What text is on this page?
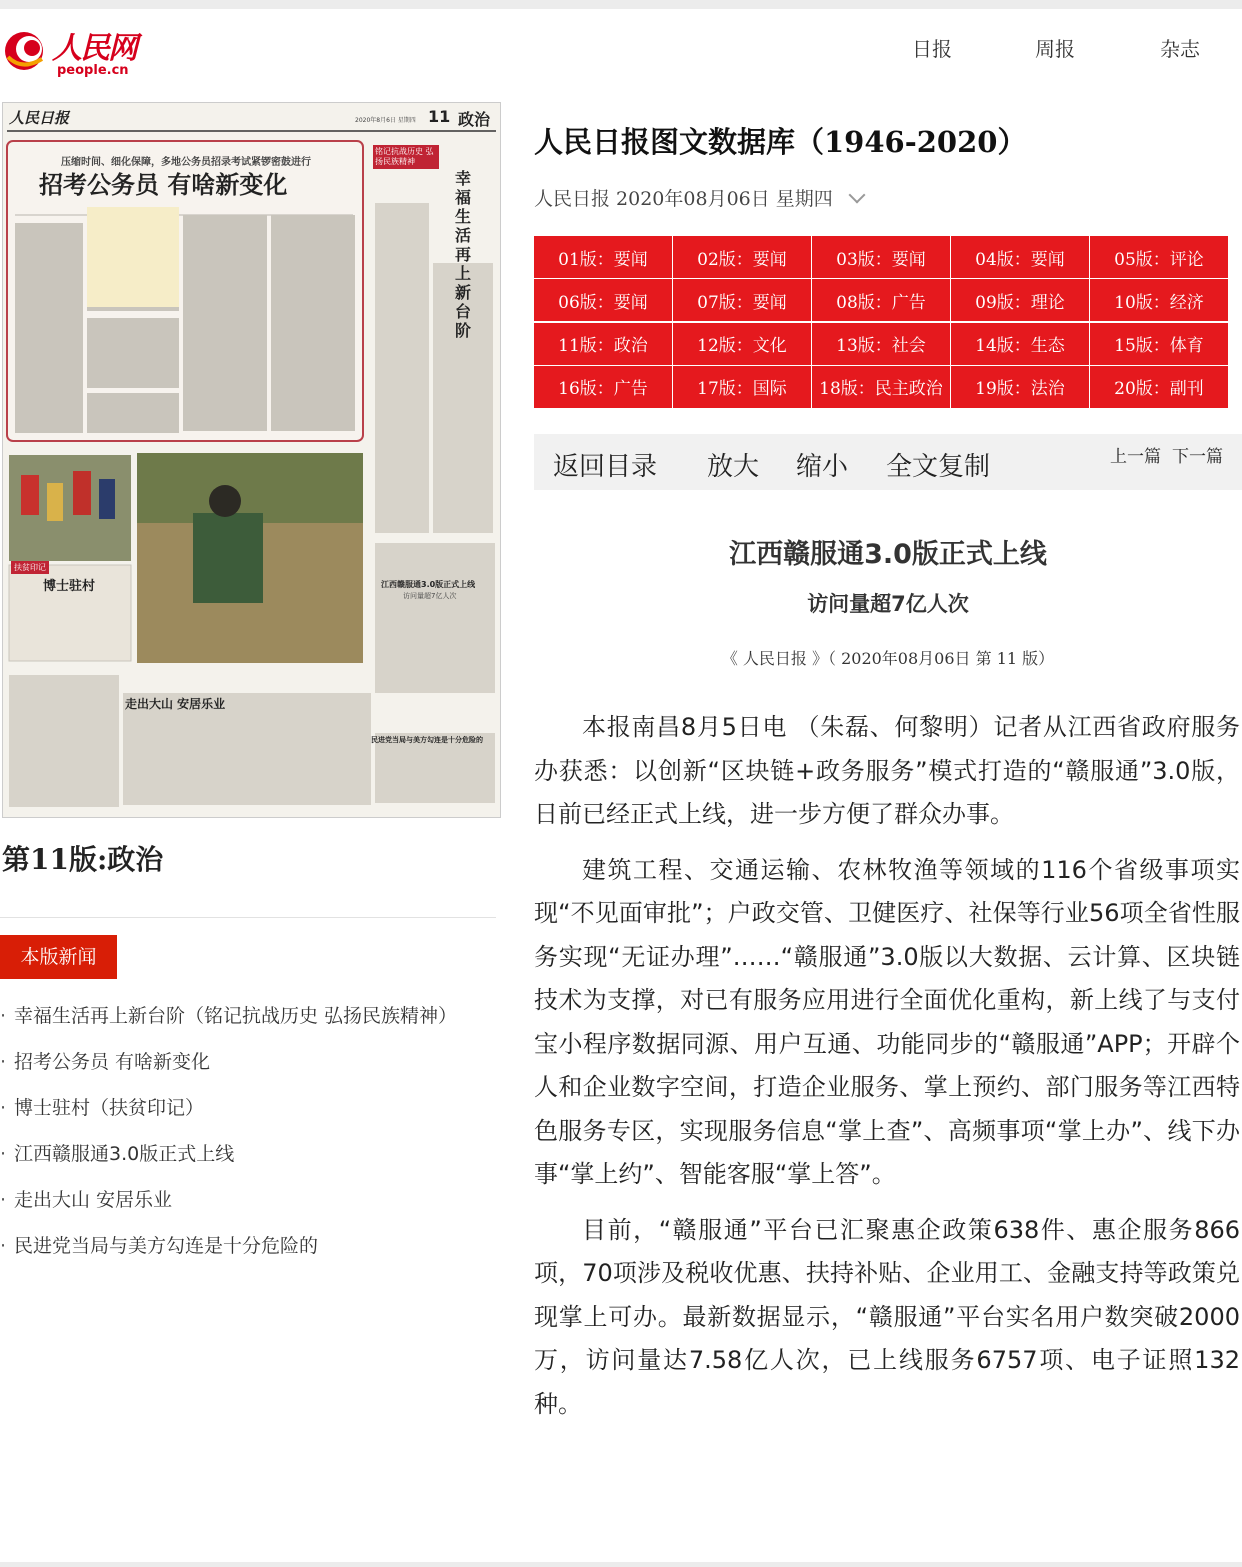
人民网
people.cn
日报	周报	杂志
人民日报	2020年8月6日 星期四 11 政治
压缩时间、细化保障，多地公务员招录考试紧锣密鼓进行
招考公务员 有啥新变化
铭记抗战历史 弘扬民族精神
幸福生活再上新台阶
扶贫印记
博士驻村	江西赣服通3.0版正式上线
访问量超7亿人次
走出大山 安居乐业
民进党当局与美方勾连是十分危险的
第11版:政治
本版新闻
· 幸福生活再上新台阶（铭记抗战历史 弘扬民族精神）
· 招考公务员 有啥新变化
· 博士驻村（扶贫印记）
· 江西赣服通3.0版正式上线
· 走出大山 安居乐业
· 民进党当局与美方勾连是十分危险的
人民日报图文数据库（1946-2020）
人民日报 2020年08月06日 星期四
01版：要闻	02版：要闻	03版：要闻	04版：要闻	05版：评论
06版：要闻	07版：要闻	08版：广告	09版：理论	10版：经济
11版：政治	12版：文化	13版：社会	14版：生态	15版：体育
16版：广告	17版：国际	18版：民主政治	19版：法治	20版：副刊
返回目录 放大 缩小 全文复制	上一篇 下一篇
江西赣服通3.0版正式上线
访问量超7亿人次
《 人民日报 》（ 2020年08月06日 第 11 版）

本报南昌8月5日电 （朱磊、何黎明）记者从江西省政府服务办获悉：以创新“区块链+政务服务”模式打造的“赣服通”3.0版，日前已经正式上线，进一步方便了群众办事。

建筑工程、交通运输、农林牧渔等领域的116个省级事项实现“不见面审批”；户政交管、卫健医疗、社保等行业56项全省性服务实现“无证办理”……“赣服通”3.0版以大数据、云计算、区块链技术为支撑，对已有服务应用进行全面优化重构，新上线了与支付宝小程序数据同源、用户互通、功能同步的“赣服通”APP；开辟个人和企业数字空间，打造企业服务、掌上预约、部门服务等江西特色服务专区，实现服务信息“掌上查”、高频事项“掌上办”、线下办事“掌上约”、智能客服“掌上答”。

目前，“赣服通”平台已汇聚惠企政策638件、惠企服务866项，70项涉及税收优惠、扶持补贴、企业用工、金融支持等政策兑现掌上可办。最新数据显示，“赣服通”平台实名用户数突破2000万，访问量达7.58亿人次，已上线服务6757项、电子证照132种。
